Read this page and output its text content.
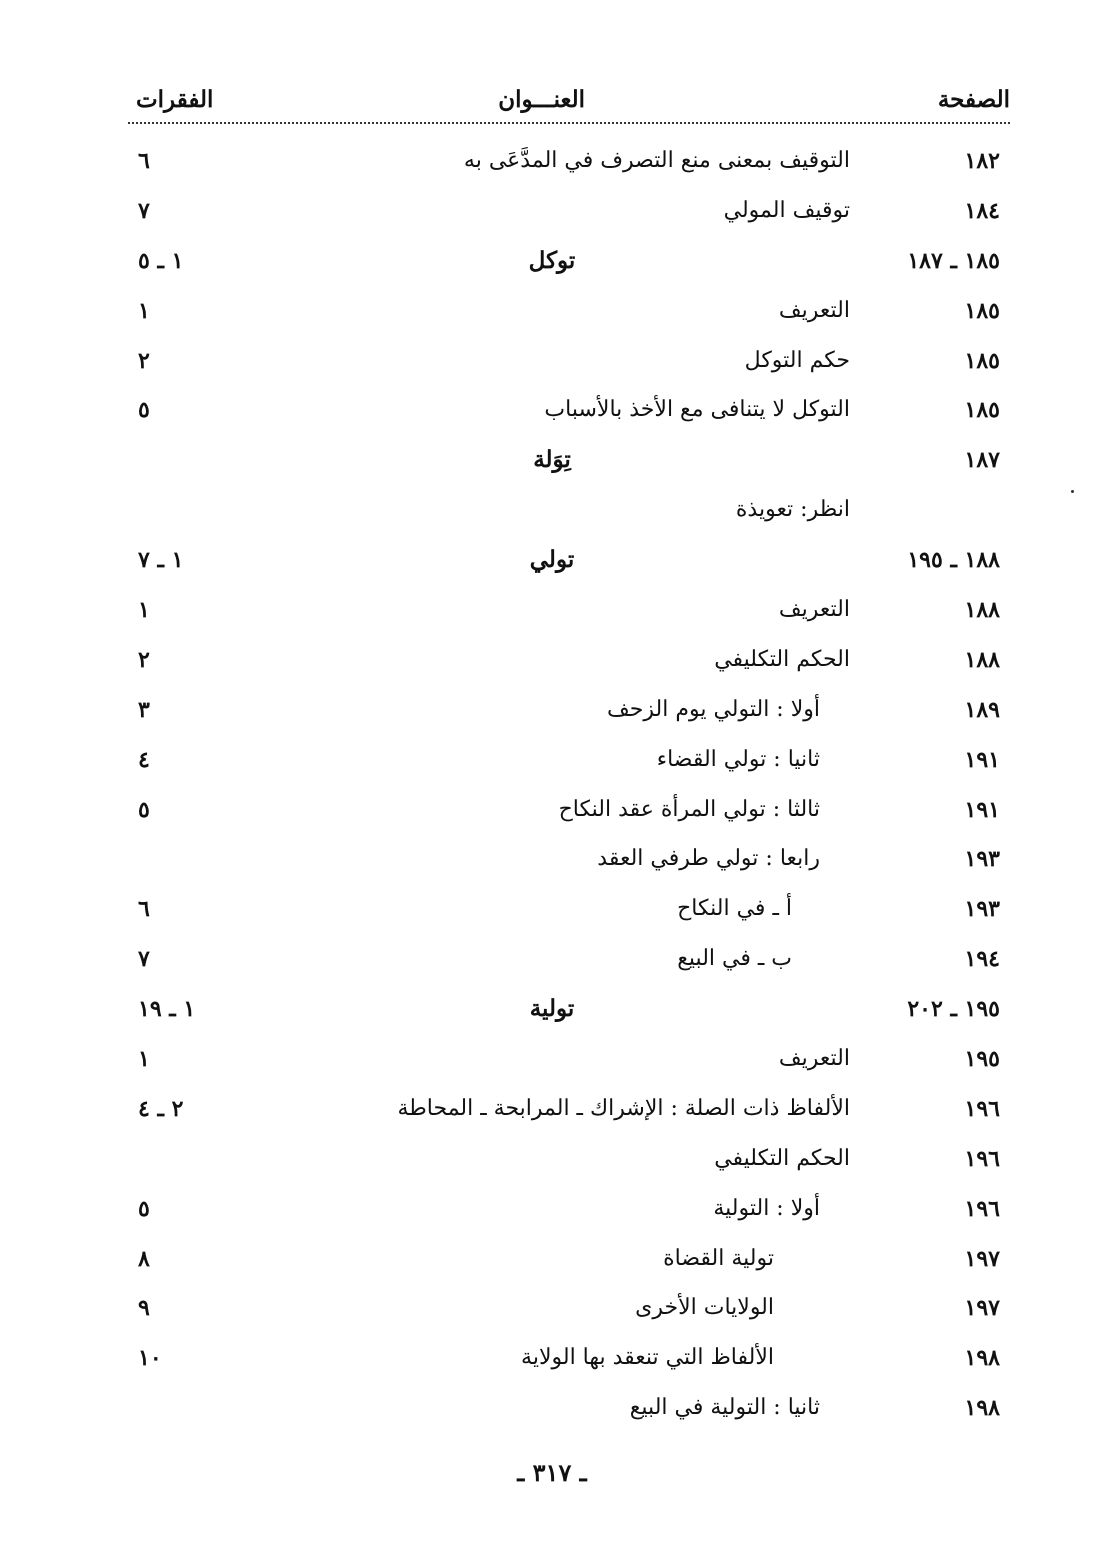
الصفحة
العنـــوان
الفقرات
١٨٢
التوقيف بمعنى منع التصرف في المدَّعَى به
٦
١٨٤
توقيف المولي
٧
١٨٥ ـ ١٨٧
توكل
١ ـ ٥
١٨٥
التعريف
١
١٨٥
حكم التوكل
٢
١٨٥
التوكل لا يتنافى مع الأخذ بالأسباب
٥
١٨٧
تِوَلة
انظر: تعويذة
١٨٨ ـ ١٩٥
تولي
١ ـ ٧
١٨٨
التعريف
١
١٨٨
الحكم التكليفي
٢
١٨٩
أولا : التولي يوم الزحف
٣
١٩١
ثانيا : تولي القضاء
٤
١٩١
ثالثا : تولي المرأة عقد النكاح
٥
١٩٣
رابعا : تولي طرفي العقد
١٩٣
أ ـ في النكاح
٦
١٩٤
ب ـ في البيع
٧
١٩٥ ـ ٢٠٢
تولية
١ ـ ١٩
١٩٥
التعريف
١
١٩٦
الألفاظ ذات الصلة : الإشراك ـ المرابحة ـ المحاطة
٢ ـ ٤
١٩٦
الحكم التكليفي
١٩٦
أولا : التولية
٥
١٩٧
تولية القضاة
٨
١٩٧
الولايات الأخرى
٩
١٩٨
الألفاظ التي تنعقد بها الولاية
١٠
١٩٨
ثانيا : التولية في البيع
ـ ٣١٧ ـ
